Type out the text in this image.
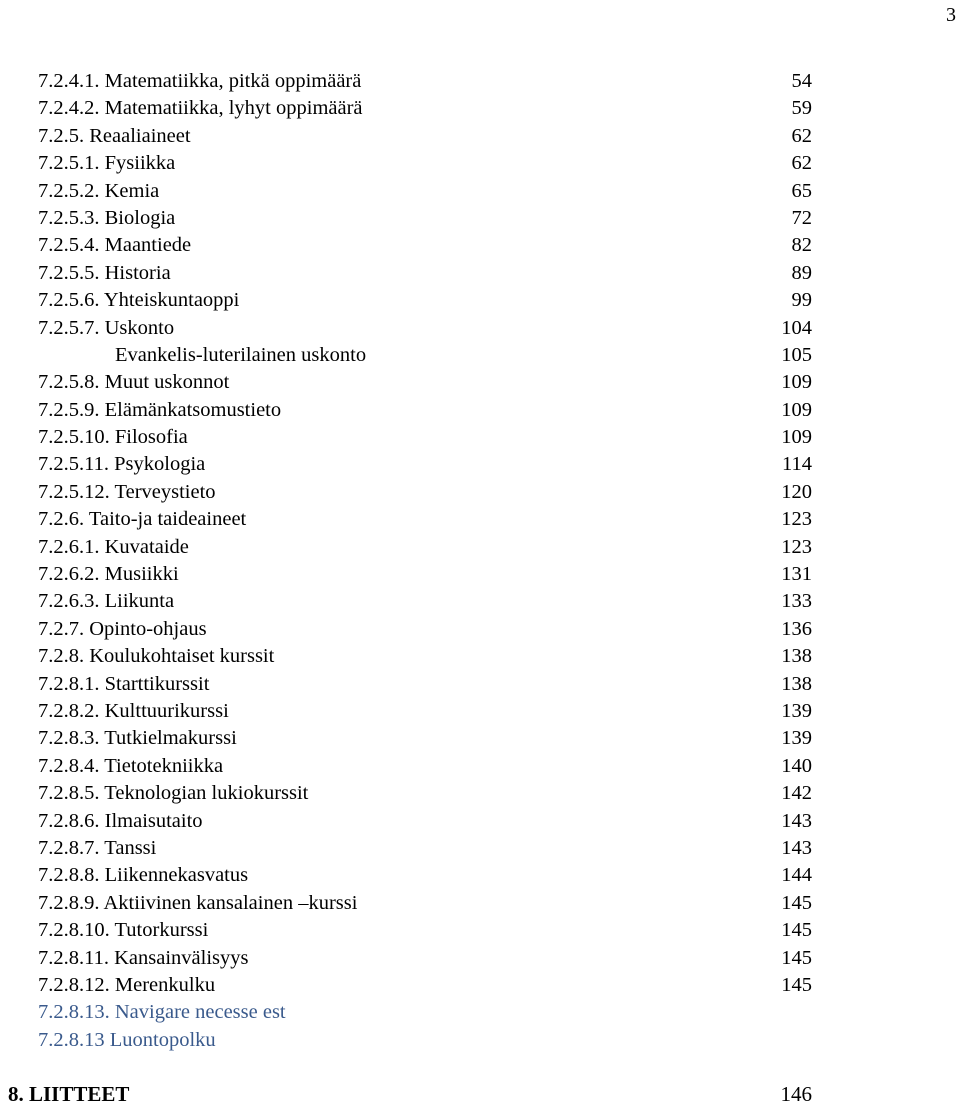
3
7.2.4.1. Matematiikka, pitkä oppimäärä	54
7.2.4.2. Matematiikka, lyhyt oppimäärä	59
7.2.5. Reaaliaineet	62
7.2.5.1. Fysiikka	62
7.2.5.2. Kemia	65
7.2.5.3. Biologia	72
7.2.5.4. Maantiede	82
7.2.5.5. Historia	89
7.2.5.6. Yhteiskuntaoppi	99
7.2.5.7. Uskonto	104
Evankelis-luterilainen uskonto	105
7.2.5.8. Muut uskonnot	109
7.2.5.9. Elämänkatsomustieto	109
7.2.5.10. Filosofia	109
7.2.5.11. Psykologia	114
7.2.5.12. Terveystieto	120
7.2.6. Taito-ja taideaineet	123
7.2.6.1. Kuvataide	123
7.2.6.2. Musiikki	131
7.2.6.3. Liikunta	133
7.2.7. Opinto-ohjaus	136
7.2.8. Koulukohtaiset kurssit	138
7.2.8.1. Starttikurssit	138
7.2.8.2. Kulttuurikurssi	139
7.2.8.3. Tutkielmakurssi	139
7.2.8.4. Tietotekniikka	140
7.2.8.5. Teknologian lukiokurssit	142
7.2.8.6. Ilmaisutaito	143
7.2.8.7. Tanssi	143
7.2.8.8. Liikennekasvatus	144
7.2.8.9. Aktiivinen kansalainen –kurssi	145
7.2.8.10. Tutorkurssi	145
7.2.8.11. Kansainvälisyys	145
7.2.8.12. Merenkulku	145
7.2.8.13. Navigare necesse est
7.2.8.13 Luontopolku
8. LIITTEET	146
